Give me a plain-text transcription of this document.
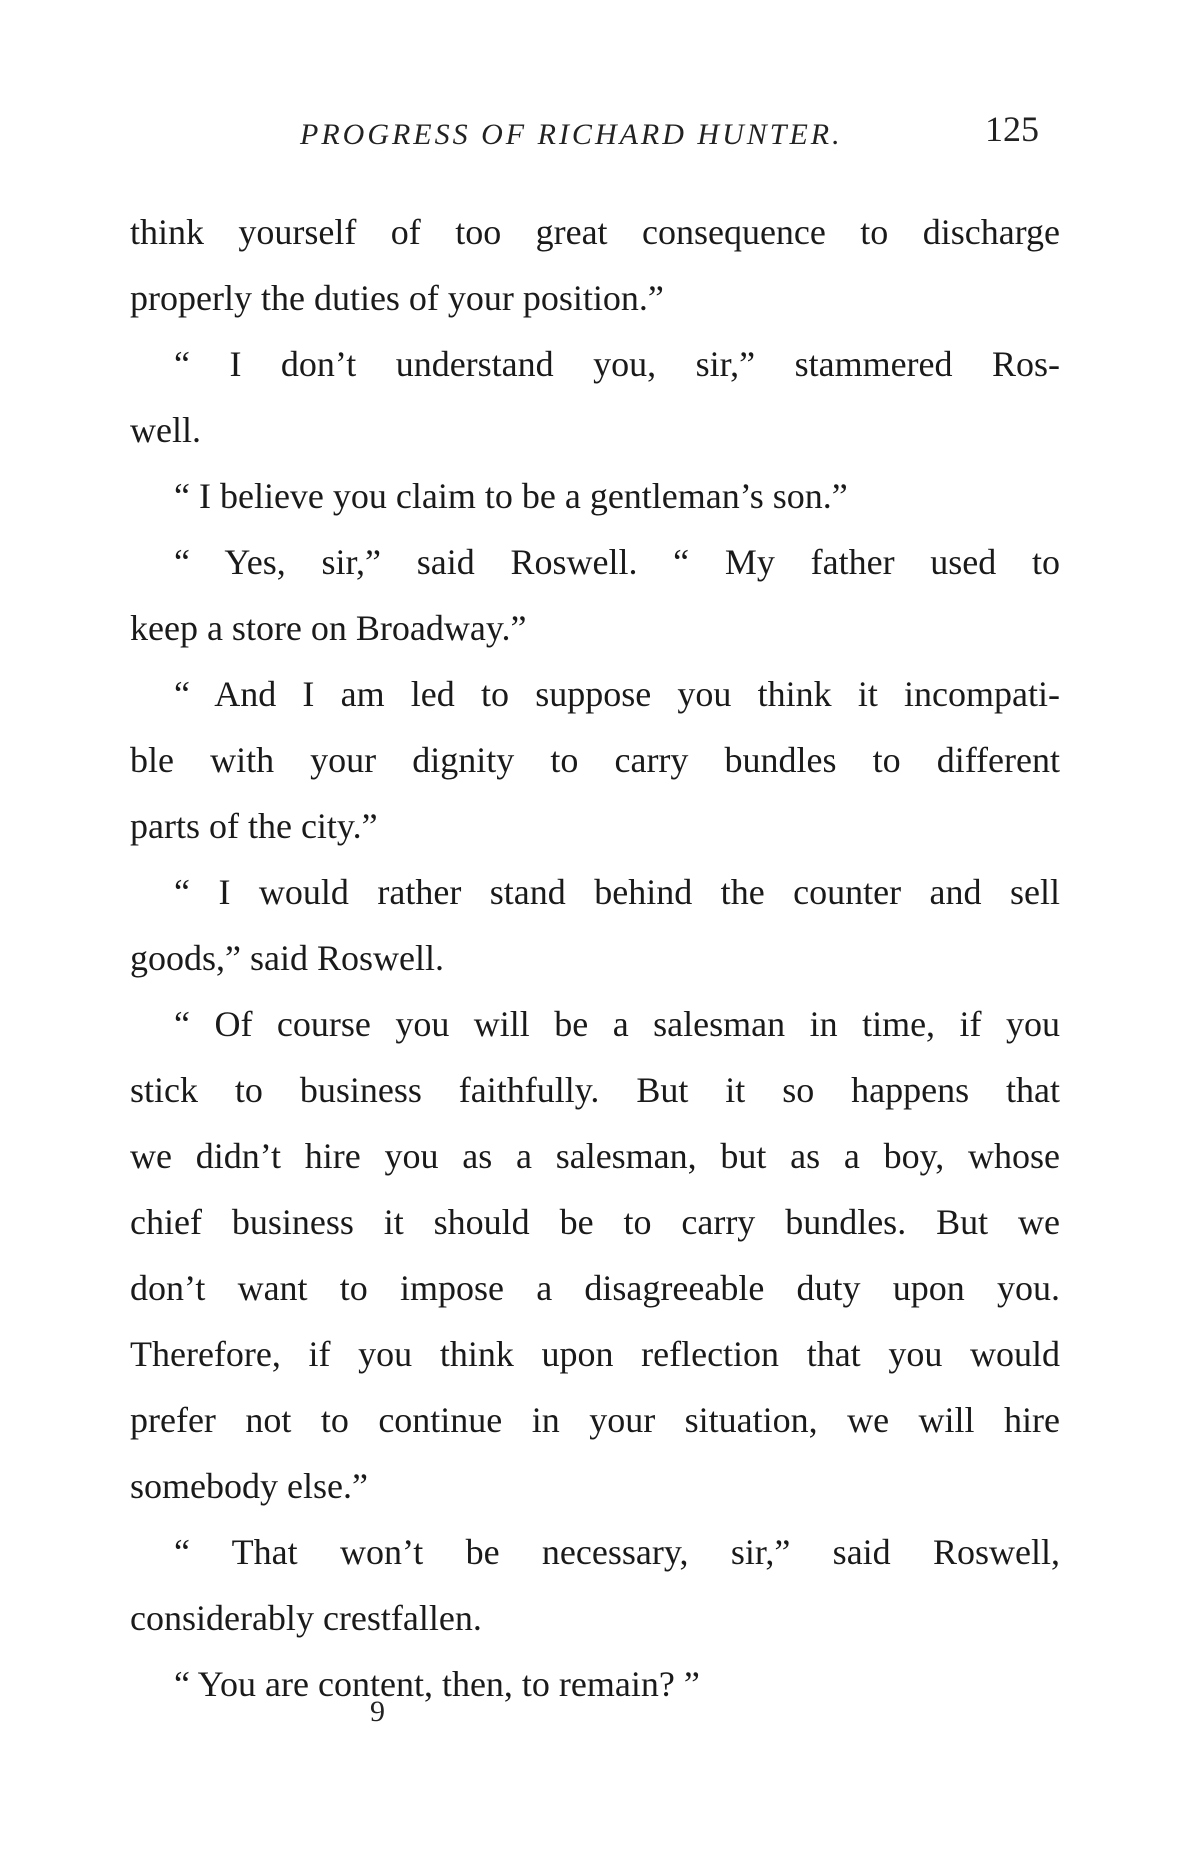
PROGRESS OF RICHARD HUNTER.	125
think yourself of too great consequence to discharge
properly the duties of your position.”
“ I don’t understand you, sir,” stammered Ros-
well.
“ I believe you claim to be a gentleman’s son.”
“ Yes, sir,” said Roswell. “ My father used to
keep a store on Broadway.”
“ And I am led to suppose you think it incompati-
ble with your dignity to carry bundles to different
parts of the city.”
“ I would rather stand behind the counter and sell
goods,” said Roswell.
“ Of course you will be a salesman in time, if you
stick to business faithfully. But it so happens that
we didn’t hire you as a salesman, but as a boy, whose
chief business it should be to carry bundles. But we
don’t want to impose a disagreeable duty upon you.
Therefore, if you think upon reflection that you would
prefer not to continue in your situation, we will hire
somebody else.”
“ That won’t be necessary, sir,” said Roswell,
considerably crestfallen.
“ You are content, then, to remain? ”
9
